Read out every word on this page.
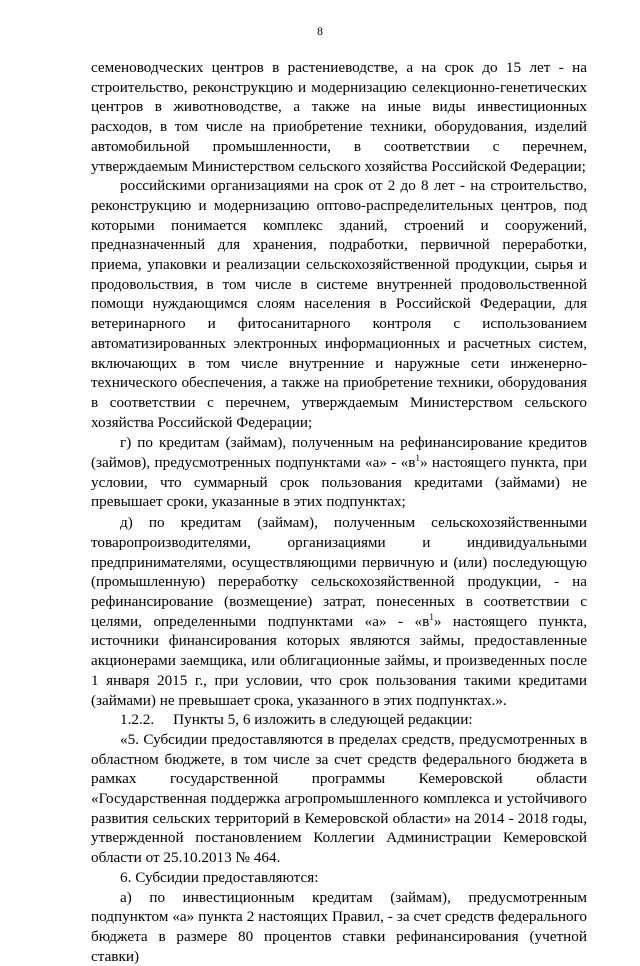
8

семеноводческих центров в растениеводстве, а на срок до 15 лет - на строительство, реконструкцию и модернизацию селекционно-генетических центров в животноводстве, а также на иные виды инвестиционных расходов, в том числе на приобретение техники, оборудования, изделий автомобильной промышленности, в соответствии с перечнем, утверждаемым Министерством сельского хозяйства Российской Федерации;

российскими организациями на срок от 2 до 8 лет - на строительство, реконструкцию и модернизацию оптово-распределительных центров, под которыми понимается комплекс зданий, строений и сооружений, предназначенный для хранения, подработки, первичной переработки, приема, упаковки и реализации сельскохозяйственной продукции, сырья и продовольствия, в том числе в системе внутренней продовольственной помощи нуждающимся слоям населения в Российской Федерации, для ветеринарного и фитосанитарного контроля с использованием автоматизированных электронных информационных и расчетных систем, включающих в том числе внутренние и наружные сети инженерно-технического обеспечения, а также на приобретение техники, оборудования в соответствии с перечнем, утверждаемым Министерством сельского хозяйства Российской Федерации;

г) по кредитам (займам), полученным на рефинансирование кредитов (займов), предусмотренных подпунктами «а» - «$в^1$» настоящего пункта, при условии, что суммарный срок пользования кредитами (займами) не превышает сроки, указанные в этих подпунктах;

д) по кредитам (займам), полученным сельскохозяйственными товаропроизводителями, организациями и индивидуальными предпринимателями, осуществляющими первичную и (или) последующую (промышленную) переработку сельскохозяйственной продукции, - на рефинансирование (возмещение) затрат, понесенных в соответствии с целями, определенными подпунктами «а» - «$в^1$» настоящего пункта, источники финансирования которых являются займы, предоставленные акционерами заемщика, или облигационные займы, и произведенных после 1 января 2015 г., при условии, что срок пользования такими кредитами (займами) не превышает срока, указанного в этих подпунктах.».

1.2.2.     Пункты 5, 6 изложить в следующей редакции:

«5. Субсидии предоставляются в пределах средств, предусмотренных в областном бюджете, в том числе за счет средств федерального бюджета в рамках государственной программы Кемеровской области «Государственная поддержка агропромышленного комплекса и устойчивого развития сельских территорий в Кемеровской области» на 2014 - 2018 годы, утвержденной постановлением Коллегии Администрации Кемеровской области от 25.10.2013 № 464.

6. Субсидии предоставляются:

а) по инвестиционным кредитам (займам), предусмотренным подпунктом «а» пункта 2 настоящих Правил, - за счет средств федерального бюджета в размере 80 процентов ставки рефинансирования (учетной ставки)
